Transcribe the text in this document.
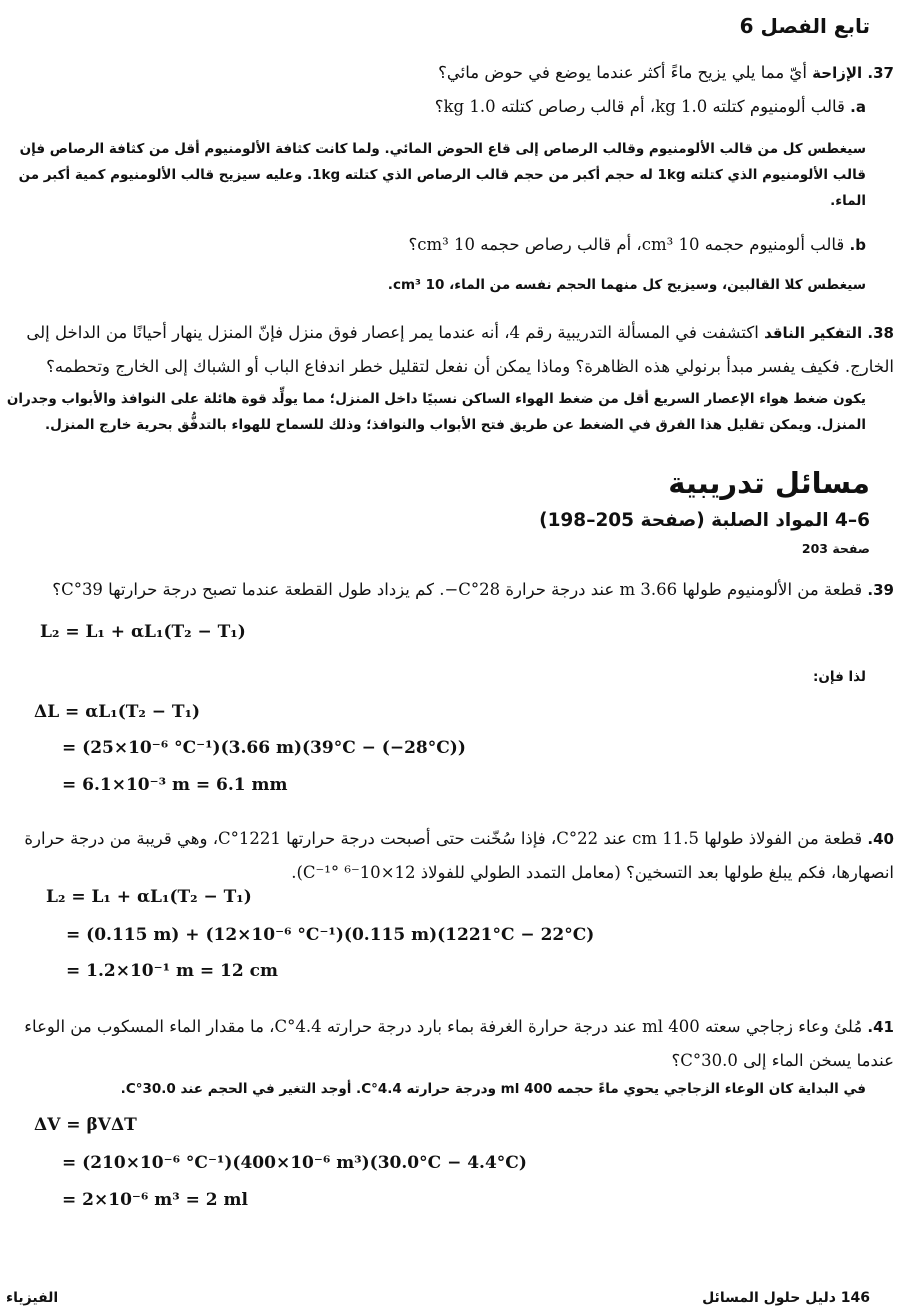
تابع الفصل 6
37. الإزاحة أيّ مما يلي يزيح ماءً أكثر عندما يوضع في حوض مائي؟
a. قالب ألومنيوم كتلته 1.0 kg، أم قالب رصاص كتلته 1.0 kg؟
سيغطس كل من قالب الألومنيوم وقالب الرصاص إلى قاع الحوض المائي. ولما كانت كثافة الألومنيوم أقل من كثافة الرصاص فإن قالب الألومنيوم الذي كتلته 1kg له حجم أكبر من حجم قالب الرصاص الذي كتلته 1kg. وعليه سيزيح قالب الألومنيوم كمية أكبر من الماء.
b. قالب ألومنيوم حجمه 10 cm³، أم قالب رصاص حجمه 10 cm³؟
سيغطس كلا القالبين، وسيزيح كل منهما الحجم نفسه من الماء، 10 cm³.
38. التفكير الناقد اكتشفت في المسألة التدريبية رقم 4، أنه عندما يمر إعصار فوق منزل فإنّ المنزل ينهار أحيانًا من الداخل إلى الخارج. فكيف يفسر مبدأ برنولي هذه الظاهرة؟ وماذا يمكن أن نفعل لتقليل خطر اندفاع الباب أو الشباك إلى الخارج وتحطمه؟
يكون ضغط هواء الإعصار السريع أقل من ضغط الهواء الساكن نسبيًا داخل المنزل؛ مما يولِّد قوة هائلة على النوافذ والأبواب وجدران المنزل. ويمكن تقليل هذا الفرق في الضغط عن طريق فتح الأبواب والنوافذ؛ وذلك للسماح للهواء بالتدفُّق بحرية خارج المنزل.
مسائل تدريبية
6–4 المواد الصلبة (صفحة 205–198)
صفحة 203
39. قطعة من الألومنيوم طولها 3.66 m عند درجة حرارة 28°C−. كم يزداد طول القطعة عندما تصبح درجة حرارتها 39°C؟
L₂ = L₁ + αL₁(T₂ − T₁)
لذا فإن:
ΔL = αL₁(T₂ − T₁)
= (25×10⁻⁶ °C⁻¹)(3.66 m)(39°C − (−28°C))
= 6.1×10⁻³ m = 6.1 mm
40. قطعة من الفولاذ طولها 11.5 cm عند 22°C، فإذا سُخّنت حتى أصبحت درجة حرارتها 1221°C، وهي قريبة من درجة حرارة انصهارها، فكم يبلغ طولها بعد التسخين؟ (معامل التمدد الطولي للفولاذ 12×10⁻⁶ °C⁻¹).
L₂ = L₁ + αL₁(T₂ − T₁)
= (0.115 m) + (12×10⁻⁶ °C⁻¹)(0.115 m)(1221°C − 22°C)
= 1.2×10⁻¹ m = 12 cm
41. مُلئ وعاء زجاجي سعته 400 ml عند درجة حرارة الغرفة بماء بارد درجة حرارته 4.4°C، ما مقدار الماء المسكوب من الوعاء عندما يسخن الماء إلى 30.0°C؟
في البداية كان الوعاء الزجاجي يحوي ماءً حجمه 400 ml ودرجة حرارته 4.4°C. أوجد التغير في الحجم عند 30.0°C.
ΔV = βVΔT
= (210×10⁻⁶ °C⁻¹)(400×10⁻⁶ m³)(30.0°C − 4.4°C)
= 2×10⁻⁶ m³ = 2 ml
146 دليل حلول المسائل
الفيزياء
